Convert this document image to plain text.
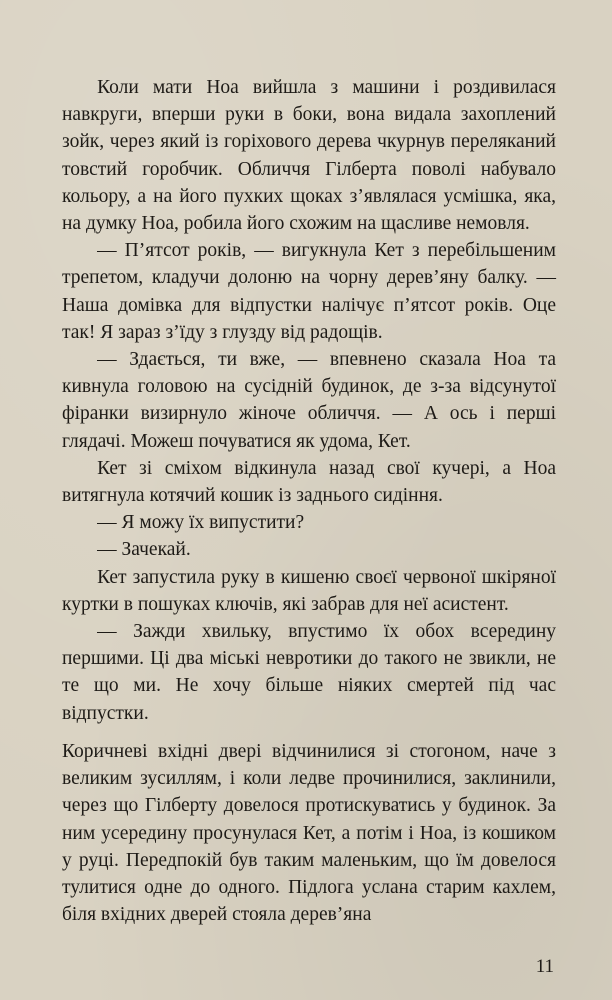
Коли мати Ноа вийшла з машини і роздивилася навкруги, вперши руки в боки, вона видала захоплений зойк, через який із горіхового дерева чкурнув переляканий товстий горобчик. Обличчя Гілберта поволі набувало кольору, а на його пухких щоках з’являлася усмішка, яка, на думку Ноа, робила його схожим на щасливе немовля.

— П’ятсот років, — вигукнула Кет з перебільшеним трепетом, кладучи долоню на чорну дерев’яну балку. — Наша домівка для відпустки налічує п’ятсот років. Оце так! Я зараз з’їду з глузду від радощів.

— Здається, ти вже, — впевнено сказала Ноа та кивнула головою на сусідній будинок, де з-за відсунутої фіранки визирнуло жіноче обличчя. — А ось і перші глядачі. Можеш почуватися як удома, Кет.

Кет зі сміхом відкинула назад свої кучері, а Ноа витягнула котячий кошик із заднього сидіння.

— Я можу їх випустити?

— Зачекай.

Кет запустила руку в кишеню своєї червоної шкіряної куртки в пошуках ключів, які забрав для неї асистент.

— Зажди хвильку, впустимо їх обох всередину першими. Ці два міські невротики до такого не звикли, не те що ми. Не хочу більше ніяких смертей під час відпустки.

Коричневі вхідні двері відчинилися зі стогоном, наче з великим зусиллям, і коли ледве прочинилися, заклинили, через що Гілберту довелося протискуватись у будинок. За ним усередину просунулася Кет, а потім і Ноа, із кошиком у руці. Передпокій був таким маленьким, що їм довелося тулитися одне до одного. Підлога услана старим кахлем, біля вхідних дверей стояла дерев’яна

11
